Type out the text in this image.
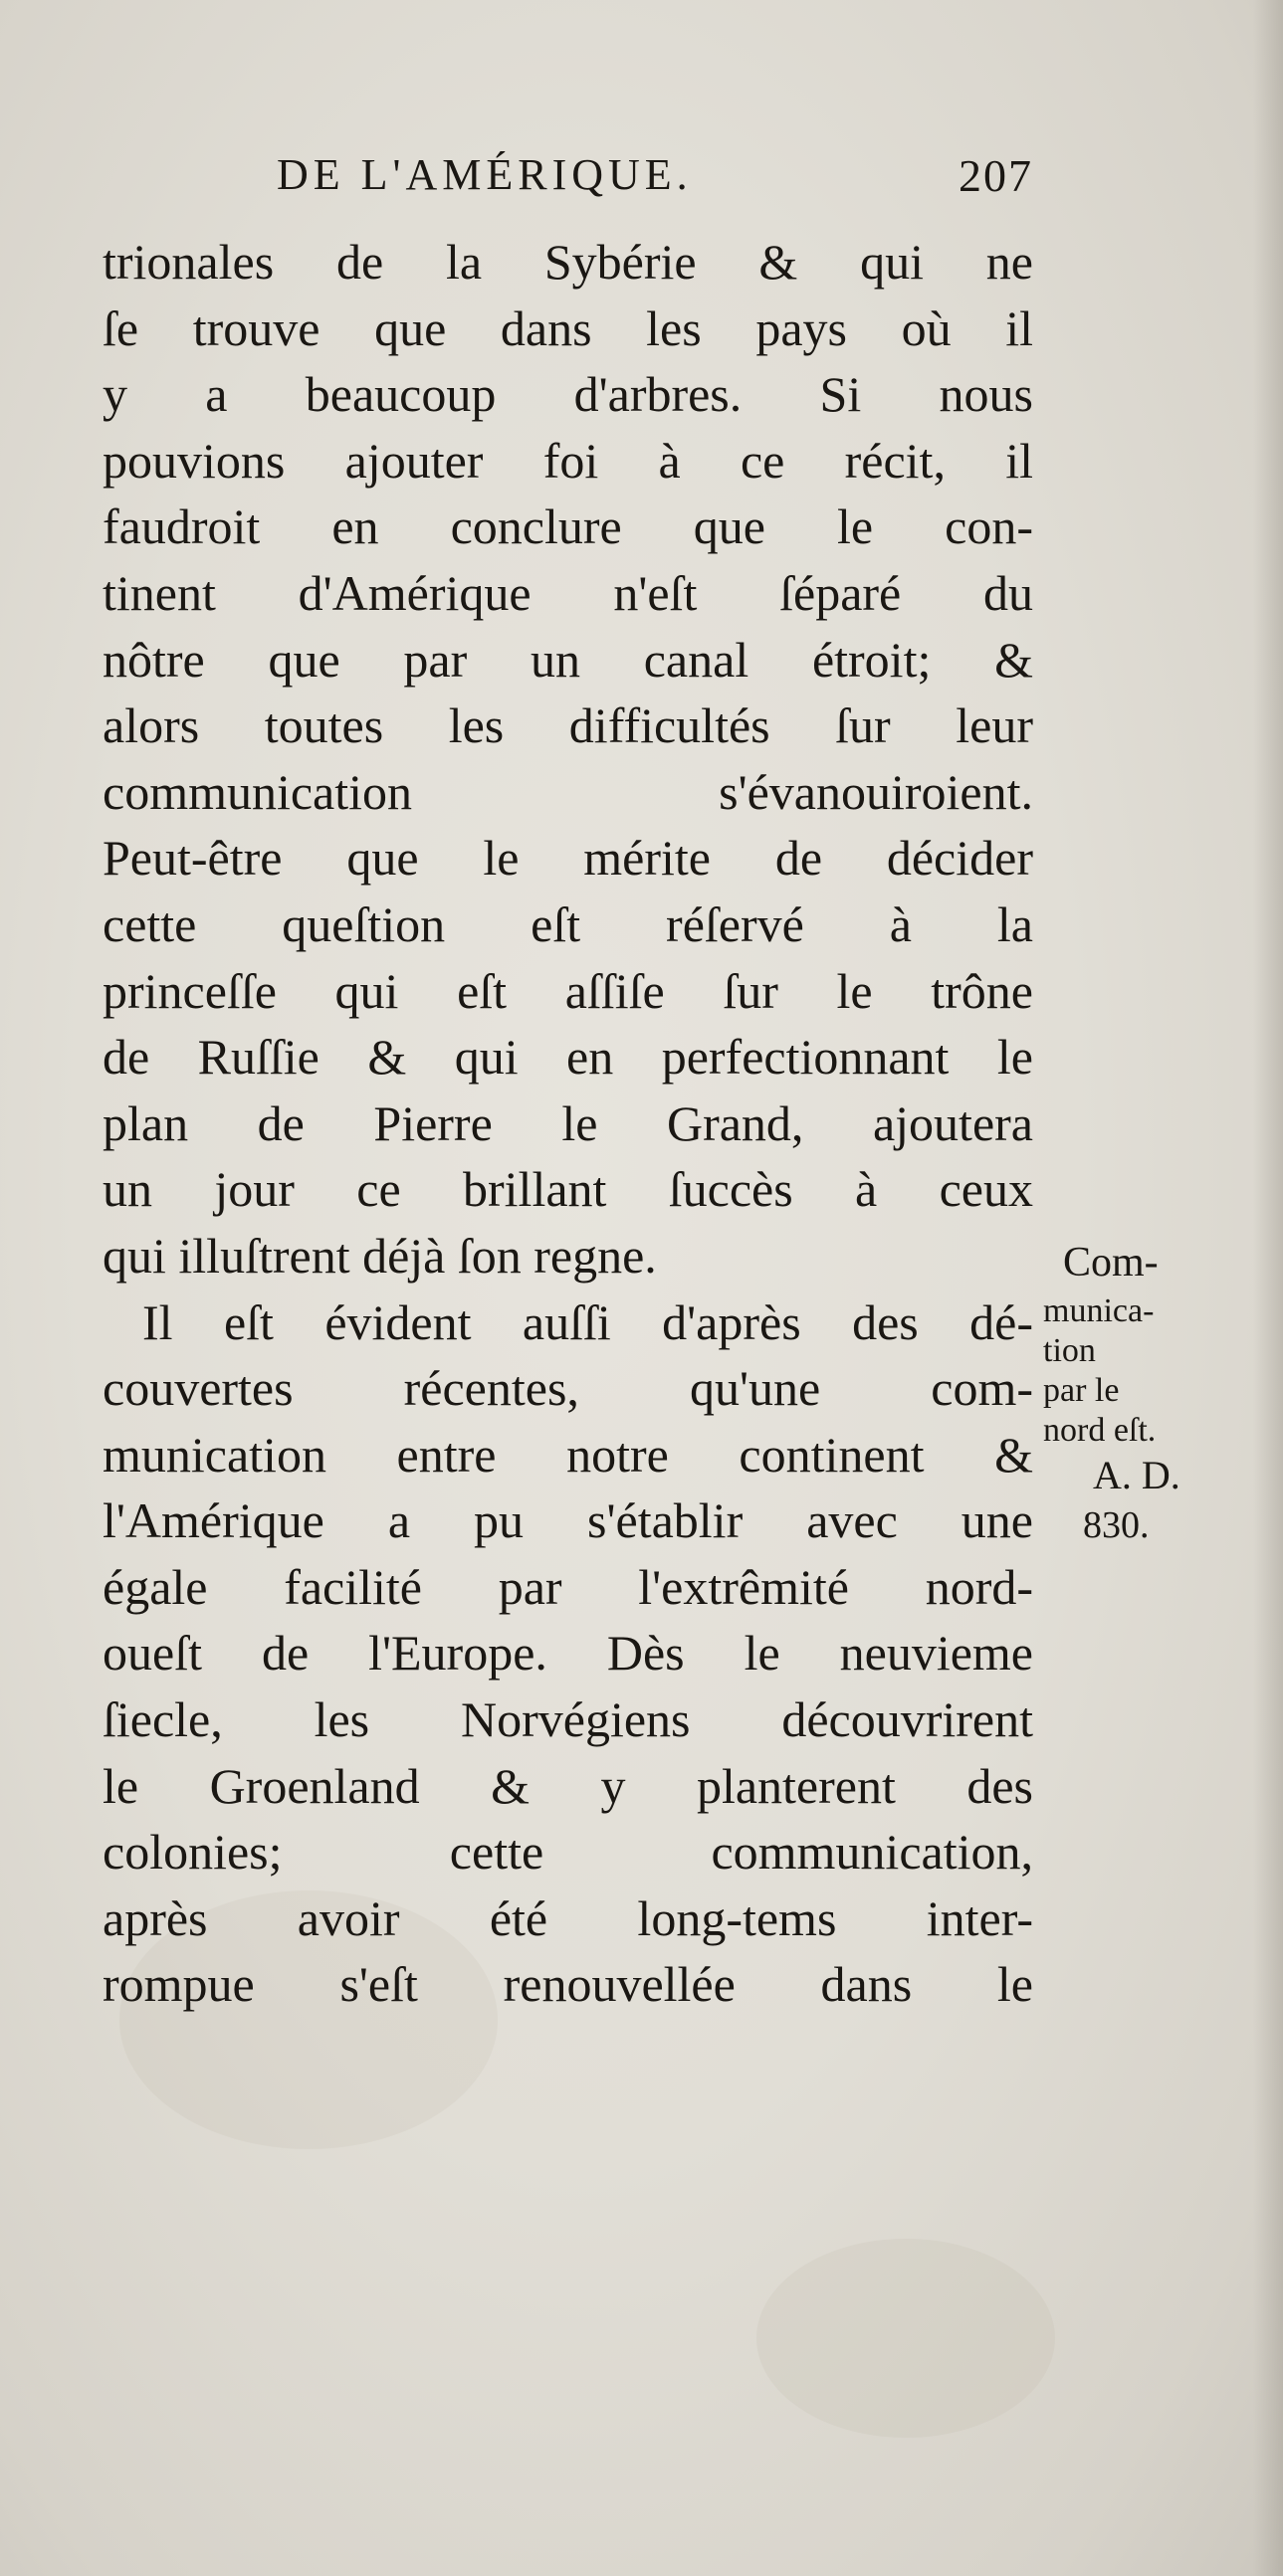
DE L'AMÉRIQUE.	207
trionales de la Sybérie & qui ne
ſe trouve que dans les pays où il
y a beaucoup d'arbres. Si nous
pouvions ajouter foi à ce récit, il
faudroit en conclure que le con-
tinent d'Amérique n'eſt ſéparé du
nôtre que par un canal étroit; &
alors toutes les difficultés ſur leur
communication s'évanouiroient.
Peut-être que le mérite de décider
cette queſtion eſt réſervé à la
princeſſe qui eſt aſſiſe ſur le trône
de Ruſſie & qui en perfectionnant le
plan de Pierre le Grand, ajoutera
un jour ce brillant ſuccès à ceux
qui illuſtrent déjà ſon regne.
Il eſt évident auſſi d'après des dé-
couvertes récentes, qu'une com-
munication entre notre continent &
l'Amérique a pu s'établir avec une
égale facilité par l'extrêmité nord-
oueſt de l'Europe. Dès le neuvieme
ſiecle, les Norvégiens découvrirent
le Groenland & y planterent des
colonies; cette communication,
après avoir été long-tems inter-
rompue s'eſt renouvellée dans le
Com-
munica-
tion
par le
nord eſt.
A. D.
830.
